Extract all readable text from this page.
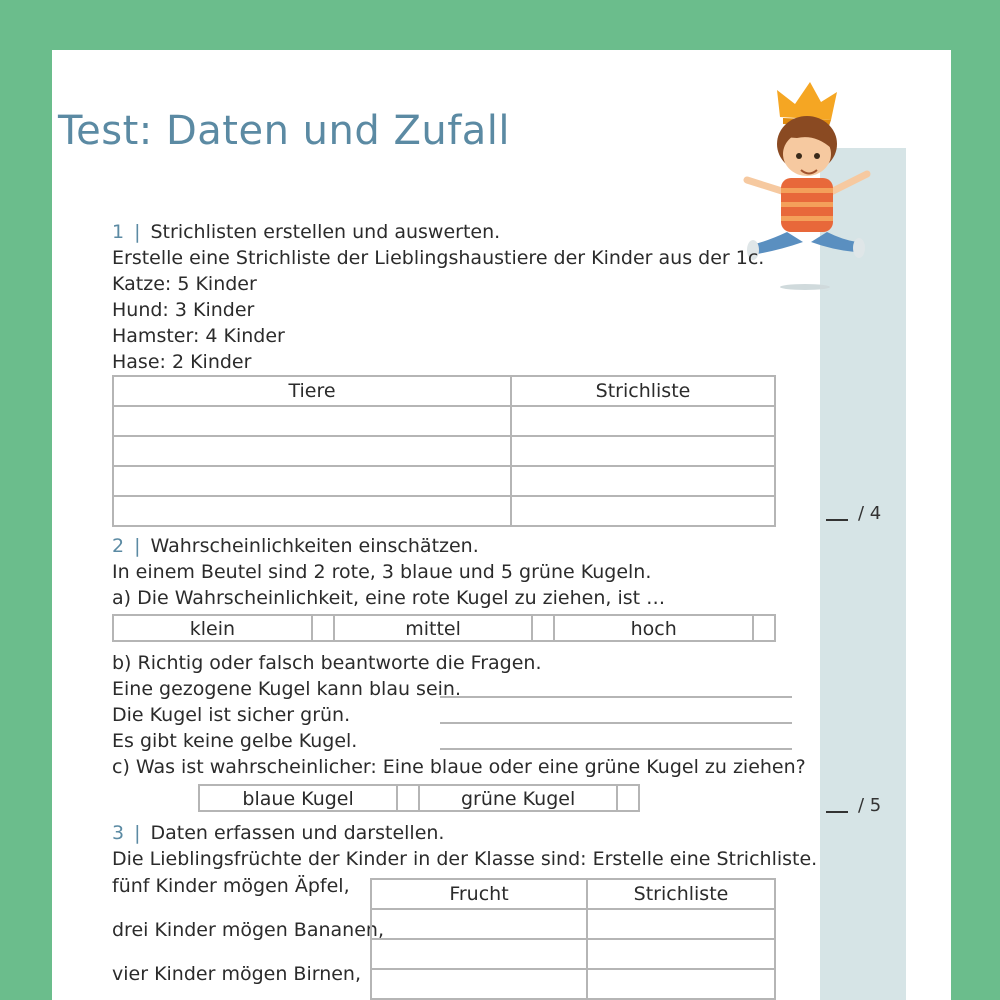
Test: Daten und Zufall
1 | Strichlisten erstellen und auswerten.
Erstelle eine Strichliste der Lieblingshaustiere der Kinder aus der 1c.
Katze: 5 Kinder
Hund: 3 Kinder
Hamster: 4 Kinder
Hase: 2 Kinder
Tiere	Strichliste

/ 4
2 | Wahrscheinlichkeiten einschätzen.
In einem Beutel sind 2 rote, 3 blaue und 5 grüne Kugeln.
a) Die Wahrscheinlichkeit, eine rote Kugel zu ziehen, ist …
klein	mittel	hoch
b) Richtig oder falsch beantworte die Fragen.
Eine gezogene Kugel kann blau sein.
Die Kugel ist sicher grün.
Es gibt keine gelbe Kugel.
c) Was ist wahrscheinlicher: Eine blaue oder eine grüne Kugel zu ziehen?
blaue Kugel	grüne Kugel	/ 5
3 | Daten erfassen und darstellen.
Die Lieblingsfrüchte der Kinder in der Klasse sind: Erstelle eine Strichliste.
fünf Kinder mögen Äpfel,
drei Kinder mögen Bananen,
vier Kinder mögen Birnen,
Frucht	Strichliste
